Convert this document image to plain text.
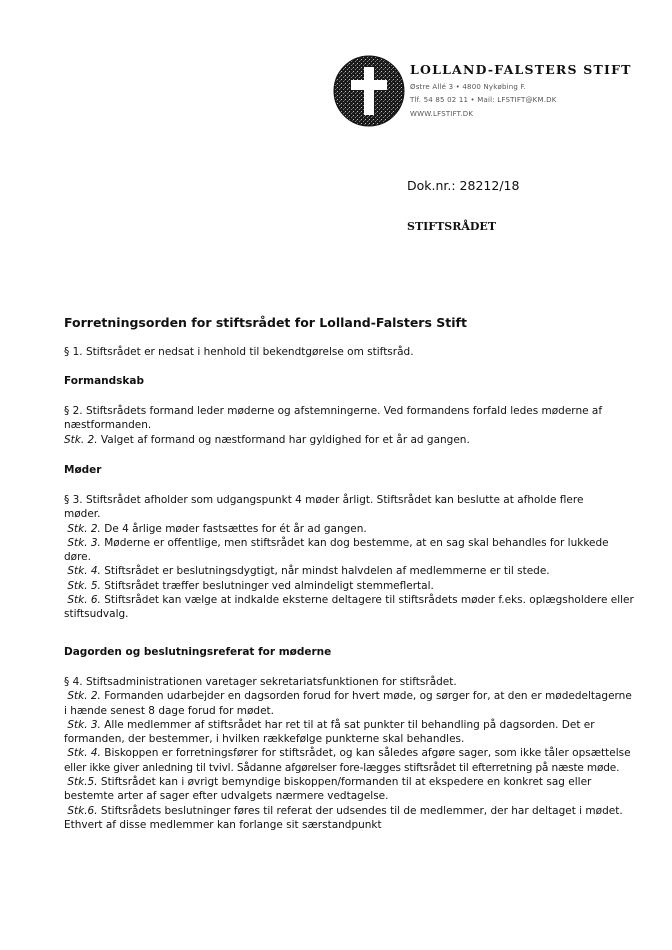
LOLLAND-FALSTERS STIFT
Østre Allé 3 • 4800 Nykøbing F.
Tlf. 54 85 02 11 • Mail: LFSTIFT@KM.DK
WWW.LFSTIFT.DK
Dok.nr.: 28212/18
STIFTSRÅDET
Forretningsorden for stiftsrådet for Lolland-Falsters Stift
§ 1. Stiftsrådet er nedsat i henhold til bekendtgørelse om stiftsråd.
Formandskab
§ 2. Stiftsrådets formand leder møderne og afstemningerne. Ved formandens forfald ledes møderne af
næstformanden.
Stk. 2. Valget af formand og næstformand har gyldighed for et år ad gangen.
Møder
§ 3. Stiftsrådet afholder som udgangspunkt 4 møder årligt. Stiftsrådet kan beslutte at afholde flere
møder.
Stk. 2. De 4 årlige møder fastsættes for ét år ad gangen.
Stk. 3. Møderne er offentlige, men stiftsrådet kan dog bestemme, at en sag skal behandles for lukkede
døre.
Stk. 4. Stiftsrådet er beslutningsdygtigt, når mindst halvdelen af medlemmerne er til stede.
Stk. 5. Stiftsrådet træffer beslutninger ved almindeligt stemmeflertal.
Stk. 6. Stiftsrådet kan vælge at indkalde eksterne deltagere til stiftsrådets møder f.eks. oplægsholdere eller
stiftsudvalg.
Dagorden og beslutningsreferat for møderne
§ 4. Stiftsadministrationen varetager sekretariatsfunktionen for stiftsrådet.
Stk. 2. Formanden udarbejder en dagsorden forud for hvert møde, og sørger for, at den er mødedeltagerne
i hænde senest 8 dage forud for mødet.
Stk. 3. Alle medlemmer af stiftsrådet har ret til at få sat punkter til behandling på dagsorden. Det er
formanden, der bestemmer, i hvilken rækkefølge punkterne skal behandles.
Stk. 4. Biskoppen er forretningsfører for stiftsrådet, og kan således afgøre sager, som ikke tåler opsættelse
eller ikke giver anledning til tvivl. Sådanne afgørelser fore-lægges stiftsrådet til efterretning på næste møde.
Stk.5. Stiftsrådet kan i øvrigt bemyndige biskoppen/formanden til at ekspedere en konkret sag eller
bestemte arter af sager efter udvalgets nærmere vedtagelse.
Stk.6. Stiftsrådets beslutninger føres til referat der udsendes til de medlemmer, der har deltaget i mødet.
Ethvert af disse medlemmer kan forlange sit særstandpunkt
